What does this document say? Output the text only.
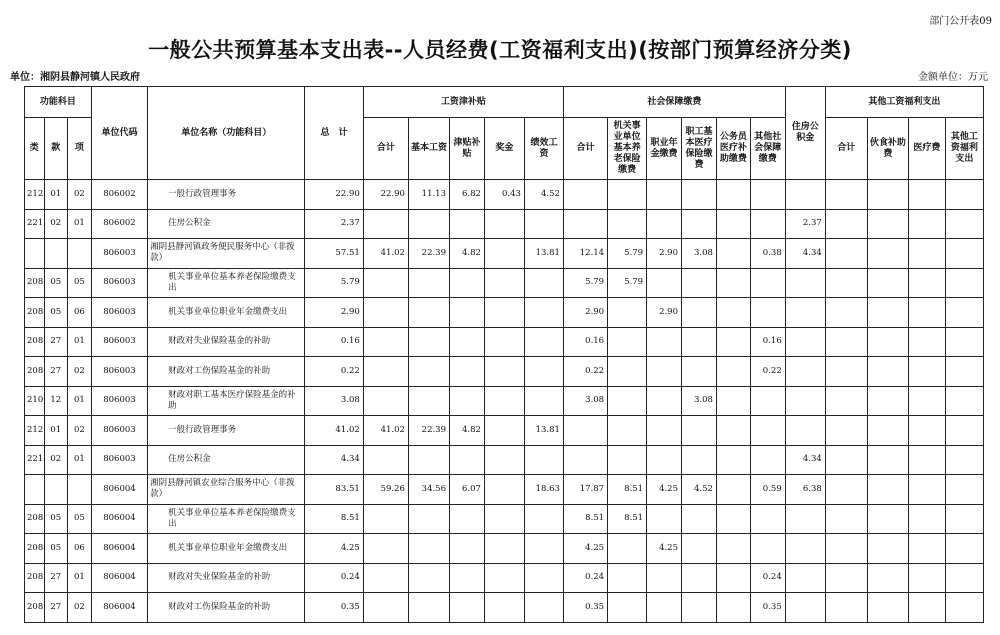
部门公开表09
一般公共预算基本支出表--人员经费(工资福利支出)(按部门预算经济分类)
单位：湘阴县静河镇人民政府	金额单位：万元
功能科目			单位代码	单位名称（功能科目）	总　计	工资津补贴					社会保障缴费						住房公积金	其他工资福利支出			
类	款	项				合计	基本工资	津贴补贴	奖金	绩效工资	合计	机关事业单位基本养老保险缴费	职业年金缴费	职工基本医疗保险缴费	公务员医疗补助缴费	其他社会保障缴费		合计	伙食补助费	医疗费	其他工资福利支出
212	01	02	806002	一般行政管理事务	22.90	22.90	11.13	6.82	0.43	4.52											
221	02	01	806002	住房公积金	2.37												2.37				
			806003	湘阴县静河镇政务便民服务中心（非拨款）	57.51	41.02	22.39	4.82		13.81	12.14	5.79	2.90	3.08		0.38	4.34				
208	05	05	806003	机关事业单位基本养老保险缴费支出	5.79						5.79	5.79									
208	05	06	806003	机关事业单位职业年金缴费支出	2.90						2.90		2.90								
208	27	01	806003	财政对失业保险基金的补助	0.16						0.16					0.16					
208	27	02	806003	财政对工伤保险基金的补助	0.22						0.22					0.22					
210	12	01	806003	财政对职工基本医疗保险基金的补助	3.08						3.08			3.08							
212	01	02	806003	一般行政管理事务	41.02	41.02	22.39	4.82		13.81											
221	02	01	806003	住房公积金	4.34												4.34				
			806004	湘阴县静河镇农业综合服务中心（非拨款）	83.51	59.26	34.56	6.07		18.63	17.87	8.51	4.25	4.52		0.59	6.38				
208	05	05	806004	机关事业单位基本养老保险缴费支出	8.51						8.51	8.51									
208	05	06	806004	机关事业单位职业年金缴费支出	4.25						4.25		4.25								
208	27	01	806004	财政对失业保险基金的补助	0.24						0.24					0.24					
208	27	02	806004	财政对工伤保险基金的补助	0.35						0.35					0.35					
